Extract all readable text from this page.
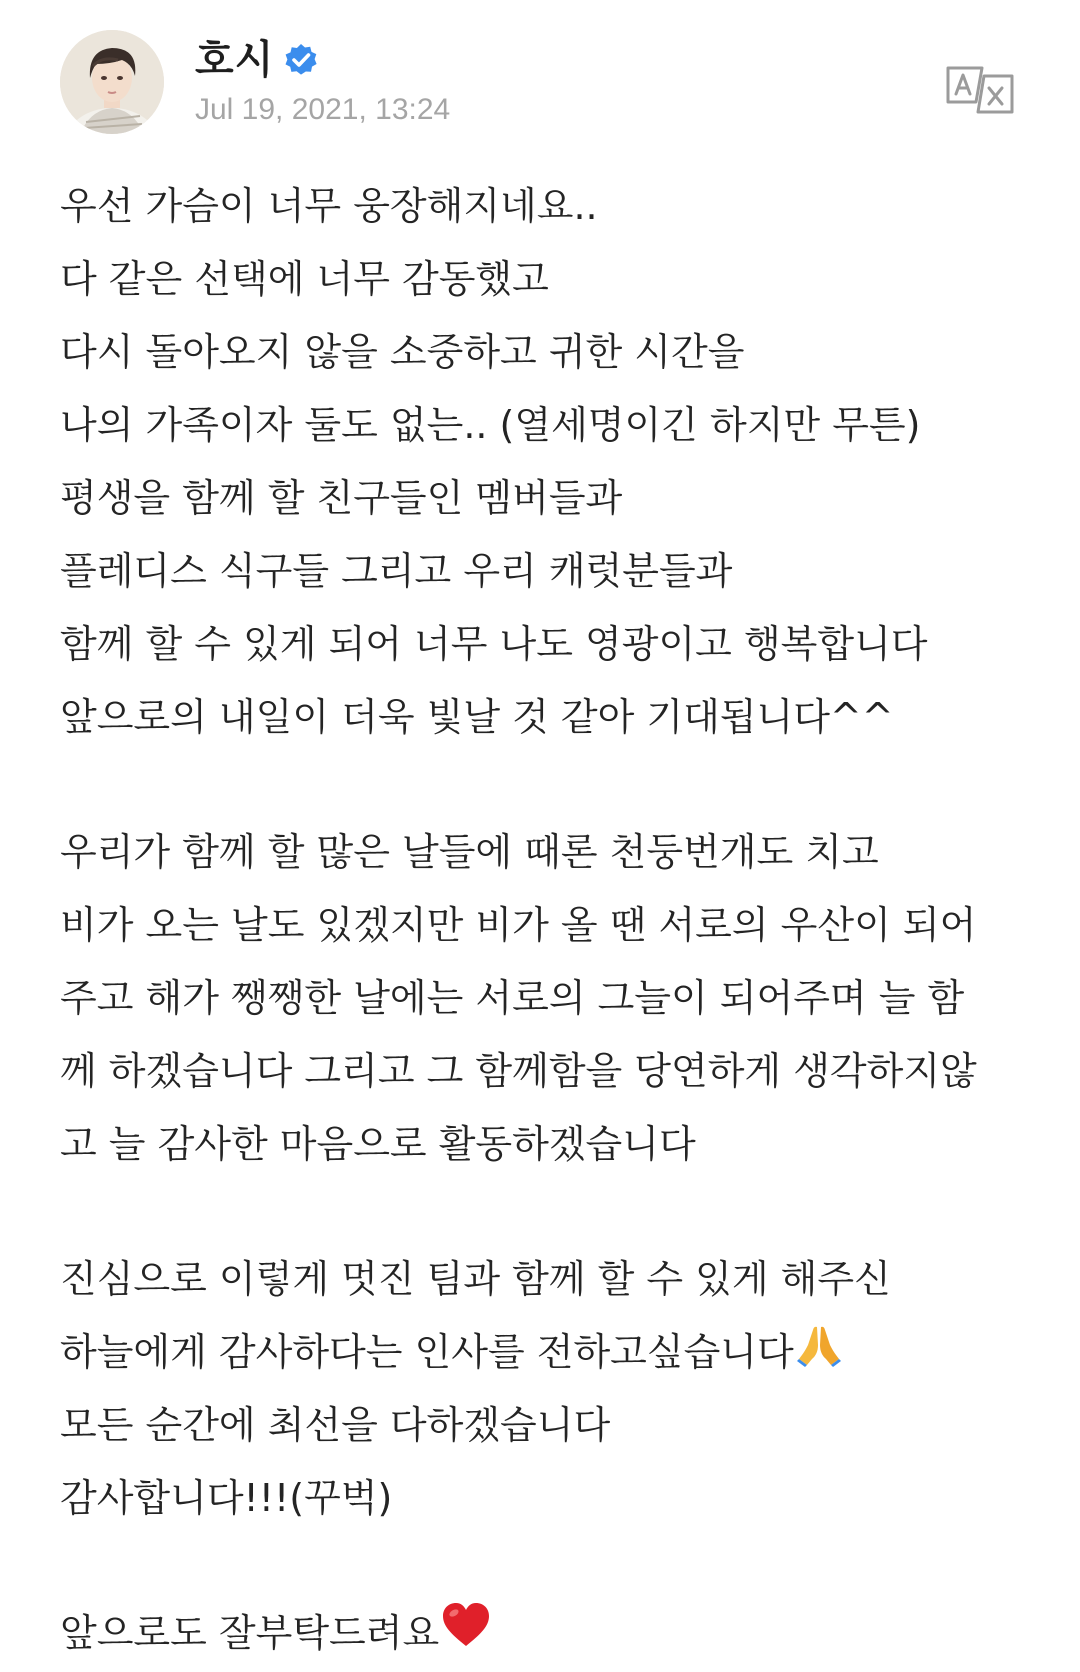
호시
Jul 19, 2021, 13:24
우선 가슴이 너무 웅장해지네요..
다 같은 선택에 너무 감동했고
다시 돌아오지 않을 소중하고 귀한 시간을
나의 가족이자 둘도 없는.. (열세명이긴 하지만 무튼)
평생을 함께 할 친구들인 멤버들과
플레디스 식구들 그리고 우리 캐럿분들과
함께 할 수 있게 되어 너무 나도 영광이고 행복합니다
앞으로의 내일이 더욱 빛날 것 같아 기대됩니다^^
우리가 함께 할 많은 날들에 때론 천둥번개도 치고
비가 오는 날도 있겠지만 비가 올 땐 서로의 우산이 되어
주고 해가 쨍쨍한 날에는 서로의 그늘이 되어주며 늘 함
께 하겠습니다 그리고 그 함께함을 당연하게 생각하지않
고 늘 감사한 마음으로 활동하겠습니다
진심으로 이렇게 멋진 팀과 함께 할 수 있게 해주신
하늘에게 감사하다는 인사를 전하고싶습니다
모든 순간에 최선을 다하겠습니다
감사합니다!!!(꾸벅)
앞으로도 잘부탁드려요
